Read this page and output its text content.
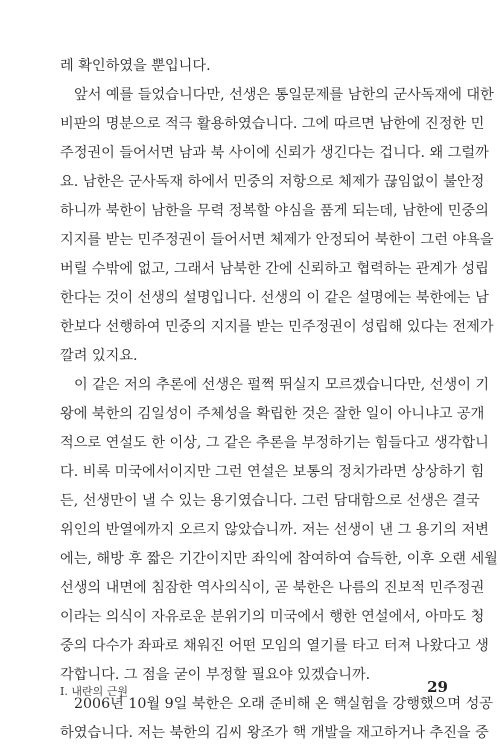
레 확인하였을 뿐입니다.
앞서 예를 들었습니다만, 선생은 통일문제를 남한의 군사독재에 대한
비판의 명분으로 적극 활용하였습니다. 그에 따르면 남한에 진정한 민
주정권이 들어서면 남과 북 사이에 신뢰가 생긴다는 겁니다. 왜 그럴까
요. 남한은 군사독재 하에서 민중의 저항으로 체제가 끊임없이 불안정
하니까 북한이 남한을 무력 정복할 야심을 품게 되는데, 남한에 민중의
지지를 받는 민주정권이 들어서면 체제가 안정되어 북한이 그런 야욕을
버릴 수밖에 없고, 그래서 남북한 간에 신뢰하고 협력하는 관계가 성립
한다는 것이 선생의 설명입니다. 선생의 이 같은 설명에는 북한에는 남
한보다 선행하여 민중의 지지를 받는 민주정권이 성립해 있다는 전제가
깔려 있지요.
이 같은 저의 추론에 선생은 펄쩍 뛰실지 모르겠습니다만, 선생이 기
왕에 북한의 김일성이 주체성을 확립한 것은 잘한 일이 아니냐고 공개
적으로 연설도 한 이상, 그 같은 추론을 부정하기는 힘들다고 생각합니
다. 비록 미국에서이지만 그런 연설은 보통의 정치가라면 상상하기 힘
든, 선생만이 낼 수 있는 용기였습니다. 그런 담대함으로 선생은 결국
위인의 반열에까지 오르지 않았습니까. 저는 선생이 낸 그 용기의 저변
에는, 해방 후 짧은 기간이지만 좌익에 참여하여 습득한, 이후 오랜 세월
선생의 내면에 침잠한 역사의식이, 곧 북한은 나름의 진보적 민주정권
이라는 의식이 자유로운 분위기의 미국에서 행한 연설에서, 아마도 청
중의 다수가 좌파로 채워진 어떤 모임의 열기를 타고 터져 나왔다고 생
각합니다. 그 점을 굳이 부정할 필요야 있겠습니까.
2006년 10월 9일 북한은 오래 준비해 온 핵실험을 강행했으며 성공
하였습니다. 저는 북한의 김씨 왕조가 핵 개발을 재고하거나 추진을 중
I. 내란의 근원	29
